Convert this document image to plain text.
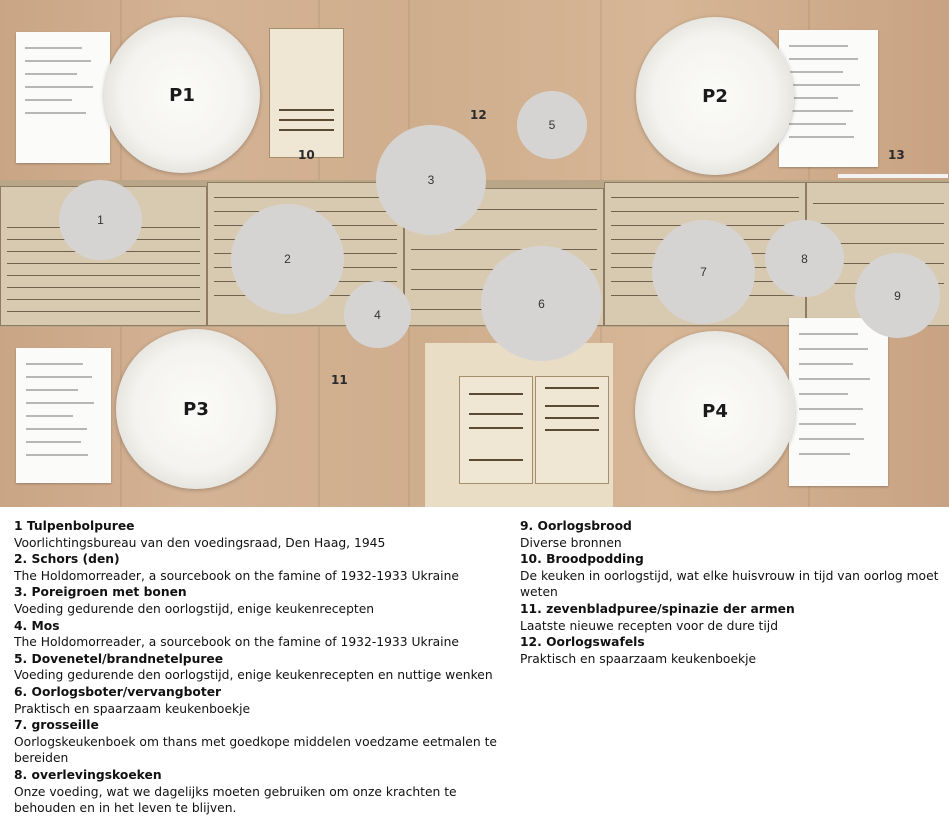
P1	P2
P3	P4
1
2
3
4
5
6
7
8
9
10
11
12
13
1 Tulpenbolpuree
Voorlichtingsbureau van den voedingsraad, Den Haag, 1945
2. Schors (den)
The Holdomorreader, a sourcebook on the famine of 1932-1933 Ukraine
3. Poreigroen met bonen
Voeding gedurende den oorlogstijd, enige keukenrecepten
4. Mos
The Holdomorreader, a sourcebook on the famine of 1932-1933 Ukraine
5. Dovenetel/brandnetelpuree
Voeding gedurende den oorlogstijd, enige keukenrecepten en nuttige wenken
6. Oorlogsboter/vervangboter
Praktisch en spaarzaam keukenboekje
7. grosseille
Oorlogskeukenboek om thans met goedkope middelen voedzame eetmalen te bereiden
8. overlevingskoeken
Onze voeding, wat we dagelijks moeten gebruiken om onze krachten te behouden en in het leven te blijven.
9. Oorlogsbrood
Diverse bronnen
10. Broodpodding
De keuken in oorlogstijd, wat elke huisvrouw in tijd van oorlog moet weten
11. zevenbladpuree/spinazie der armen
Laatste nieuwe recepten voor de dure tijd
12. Oorlogswafels
Praktisch en spaarzaam keukenboekje
